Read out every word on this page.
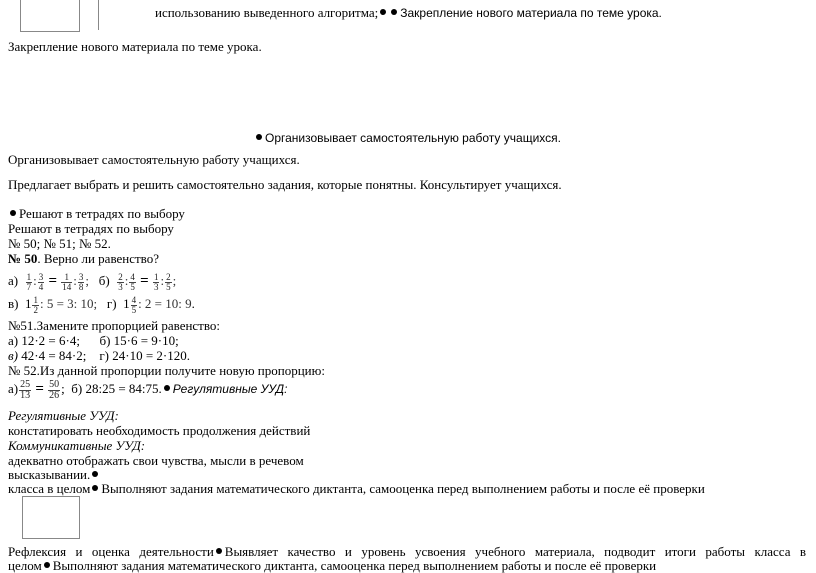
использованию выведенного алгоритма; Закрепление нового материала по теме урока.
Закрепление нового материала по теме урока.
Организовывает самостоятельную работу учащихся.
Организовывает самостоятельную работу учащихся.
Предлагает выбрать и решить самостоятельно задания, которые понятны. Консультирует учащихся.
Решают в тетрадях по выбору
Решают в тетрадях по выбору
№ 50; № 51; № 52.
№ 50. Верно ли равенство?
$а) \frac{1}{7}$ : $\frac{3}{4} = \frac{1}{14}$ : $\frac{3}{8}$ ; $б) \frac{2}{3}$ : $\frac{4}{5} = \frac{1}{3}$ : $\frac{2}{5}$ ;
в) $1 \frac{1}{2}$ : 5 = 3: 10; г) $1 \frac{4}{5}$ : 2 = 10: 9.
№51.Замените пропорцией равенство:
а) 12·2 = 6·4; б) 15·6 = 9·10;
в) 42·4 = 84·2; г) 24·10 = 2·120.
№ 52.Из данной пропорции получите новую пропорцию:
$а) \frac{25}{13} = \frac{50}{26}$ ; б) 28:25 = 84:75. Регулятивные УУД:
Регулятивные УУД:
констатировать необходимость продолжения действий
Коммуникативные УУД:
адекватно отображать свои чувства, мысли в речевом
высказывании.
класса в целом Выполняют задания математического диктанта, самооценка перед выполнением работы и после её проверки
Рефлексия и оценка деятельности Выявляет качество и уровень усвоения учебного материала, подводит итоги работы класса в
целом Выполняют задания математического диктанта, самооценка перед выполнением работы и после её проверки
